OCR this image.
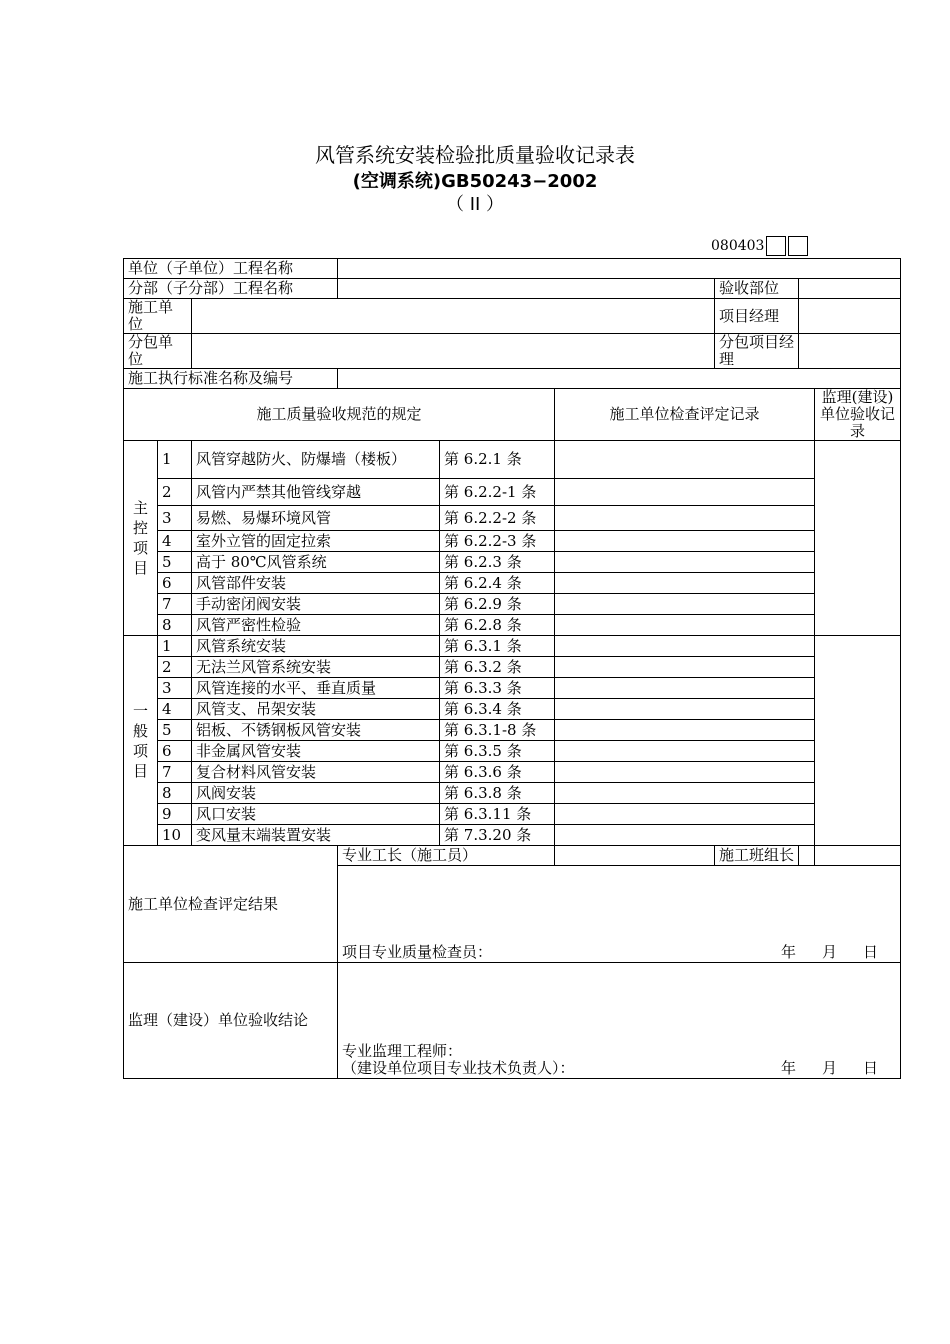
风管系统安装检验批质量验收记录表
(空调系统)GB50243−2002
（ II ）
080403
单位（子单位）工程名称								
分部（子分部）工程名称						验收部位		
施工单位						项目经理		
分包单位						分包项目经理		
施工执行标准名称及编号								
施工质量验收规范的规定					施工单位检查评定记录			监理(建设)单位验收记录

主
控
项
目	1	风管穿越防火、防爆墙（楼板）		第 6.2.1 条				
	2	风管内严禁其他管线穿越		第 6.2.2-1 条				
	3	易燃、易爆环境风管		第 6.2.2-2 条				
	4	室外立管的固定拉索		第 6.2.2-3 条				
	5	高于 80℃风管系统		第 6.2.3 条				
	6	风管部件安装		第 6.2.4 条				
	7	手动密闭阀安装		第 6.2.9 条				
	8	风管严密性检验		第 6.2.8 条				

一
般
项
目	1	风管系统安装		第 6.3.1 条				
	2	无法兰风管系统安装		第 6.3.2 条				
	3	风管连接的水平、垂直质量		第 6.3.3 条				
	4	风管支、吊架安装		第 6.3.4 条				
	5	铝板、不锈钢板风管安装		第 6.3.1-8 条				
	6	非金属风管安装		第 6.3.5 条				
	7	复合材料风管安装		第 6.3.6 条				
	8	风阀安装		第 6.3.8 条				
	9	风口安装		第 6.3.11 条				
	10	变风量末端装置安装		第 7.3.20 条				
施工单位检查评定结果			专业工长（施工员）			施工班组长		

			项目专业质量检查员： 年 月 日					

监理（建设）单位验收结论			专业监理工程师：
（建设单位项目专业技术负责人）： 年 月 日					
